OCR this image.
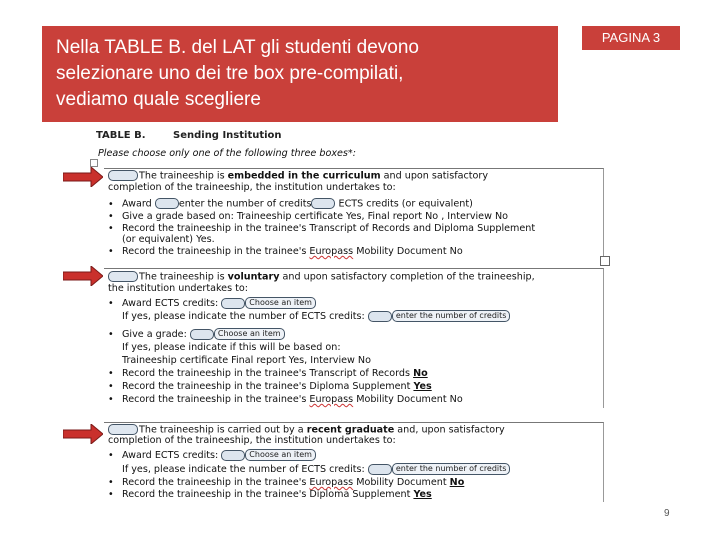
Nella TABLE B. del LAT gli studenti devono
selezionare uno dei tre box pre-compilati,
vediamo quale scegliere
PAGINA 3
TABLE B.	Sending Institution
Please choose only one of the following three boxes*:
The traineeship is embedded in the curriculum and upon satisfactory
completion of the traineeship, the institution undertakes to:
• Award	enter the number of credits	ECTS credits (or equivalent)
• Give a grade based on: Traineeship certificate Yes, Final report No , Interview No
• Record the traineeship in the trainee's Transcript of Records and Diploma Supplement
(or equivalent) Yes.
• Record the traineeship in the trainee's Europass Mobility Document No
The traineeship is voluntary and upon satisfactory completion of the traineeship,
the institution undertakes to:
• Award ECTS credits:	Choose an item
If yes, please indicate the number of ECTS credits:	enter the number of credits
• Give a grade:	Choose an item
If yes, please indicate if this will be based on:
Traineeship certificate Final report Yes, Interview No
• Record the traineeship in the trainee's Transcript of Records No
• Record the traineeship in the trainee's Diploma Supplement Yes
• Record the traineeship in the trainee's Europass Mobility Document No
The traineeship is carried out by a recent graduate and, upon satisfactory
completion of the traineeship, the institution undertakes to:
• Award ECTS credits:	Choose an item
If yes, please indicate the number of ECTS credits:	enter the number of credits
• Record the traineeship in the trainee's Europass Mobility Document No
• Record the traineeship in the trainee's Diploma Supplement Yes
9
